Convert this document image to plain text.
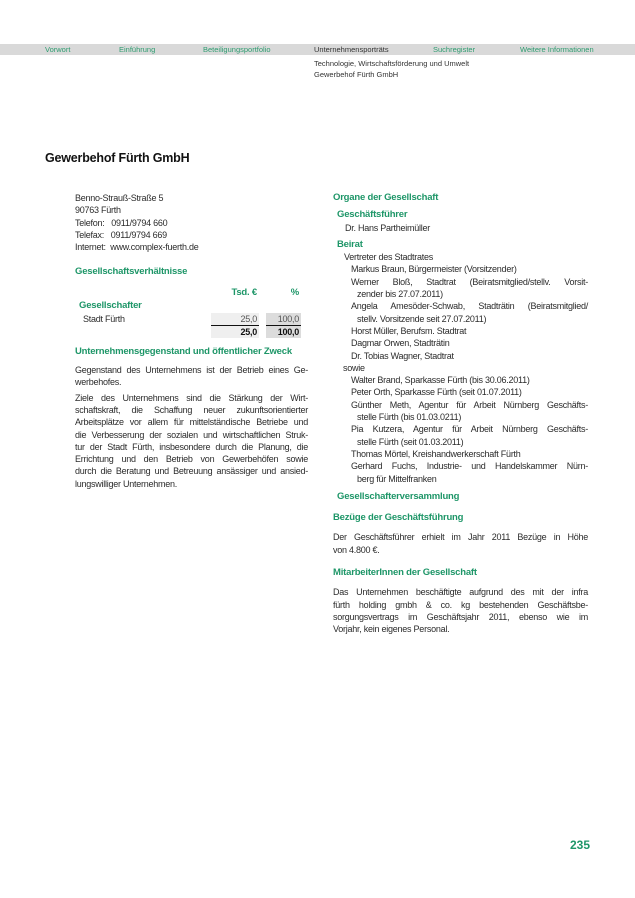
Vorwort	Einführung	Beteiligungsportfolio	Unternehmensporträts	Suchregister	Weitere Informationen
Technologie, Wirtschaftsförderung und Umwelt
Gewerbehof Fürth GmbH
Gewerbehof Fürth GmbH
Benno-Strauß-Straße 5
90763 Fürth
Telefon:   0911/9794 660
Telefax:   0911/9794 669
Internet:  www.complex-fuerth.de
Gesellschaftsverhältnisse
Tsd. €	%
Gesellschafter
Stadt Fürth	25,0	100,0
25,0	100,0
Unternehmensgegenstand und öffentlicher Zweck
Gegenstand des Unternehmens ist der Betrieb eines Ge-
werbehofes.
Ziele des Unternehmens sind die Stärkung der Wirt-
schaftskraft, die Schaffung neuer zukunftsorientierter
Arbeitsplätze vor allem für mittelständische Betriebe und
die Verbesserung der sozialen und wirtschaftlichen Struk-
tur der Stadt Fürth, insbesondere durch die Planung, die
Errichtung und den Betrieb von Gewerbehöfen sowie
durch die Beratung und Betreuung ansässiger und ansied-
lungswilliger Unternehmen.
Organe der Gesellschaft
Geschäftsführer
Dr. Hans Partheimüller
Beirat
Vertreter des Stadtrates
Markus Braun, Bürgermeister (Vorsitzender)
Werner Bloß, Stadtrat (Beiratsmitglied/stellv. Vorsit-
zender bis 27.07.2011)
Angela Amesöder-Schwab, Stadträtin (Beiratsmitglied/
stellv. Vorsitzende seit 27.07.2011)
Horst Müller, Berufsm. Stadtrat
Dagmar Orwen, Stadträtin
Dr. Tobias Wagner, Stadtrat
sowie
Walter Brand, Sparkasse Fürth (bis 30.06.2011)
Peter Orth, Sparkasse Fürth (seit 01.07.2011)
Günther Meth, Agentur für Arbeit Nürnberg Geschäfts-
stelle Fürth (bis 01.03.0211)
Pia Kutzera, Agentur für Arbeit Nürnberg Geschäfts-
stelle Fürth (seit 01.03.2011)
Thomas Mörtel, Kreishandwerkerschaft Fürth
Gerhard Fuchs, Industrie- und Handelskammer Nürn-
berg für Mittelfranken
Gesellschafterversammlung
Bezüge der Geschäftsführung
Der Geschäftsführer erhielt im Jahr 2011 Bezüge in Höhe
von 4.800 €.
MitarbeiterInnen der Gesellschaft
Das Unternehmen beschäftigte aufgrund des mit der infra
fürth holding gmbh & co. kg bestehenden Geschäftsbe-
sorgungsvertrags im Geschäftsjahr 2011, ebenso wie im
Vorjahr, kein eigenes Personal.
235
